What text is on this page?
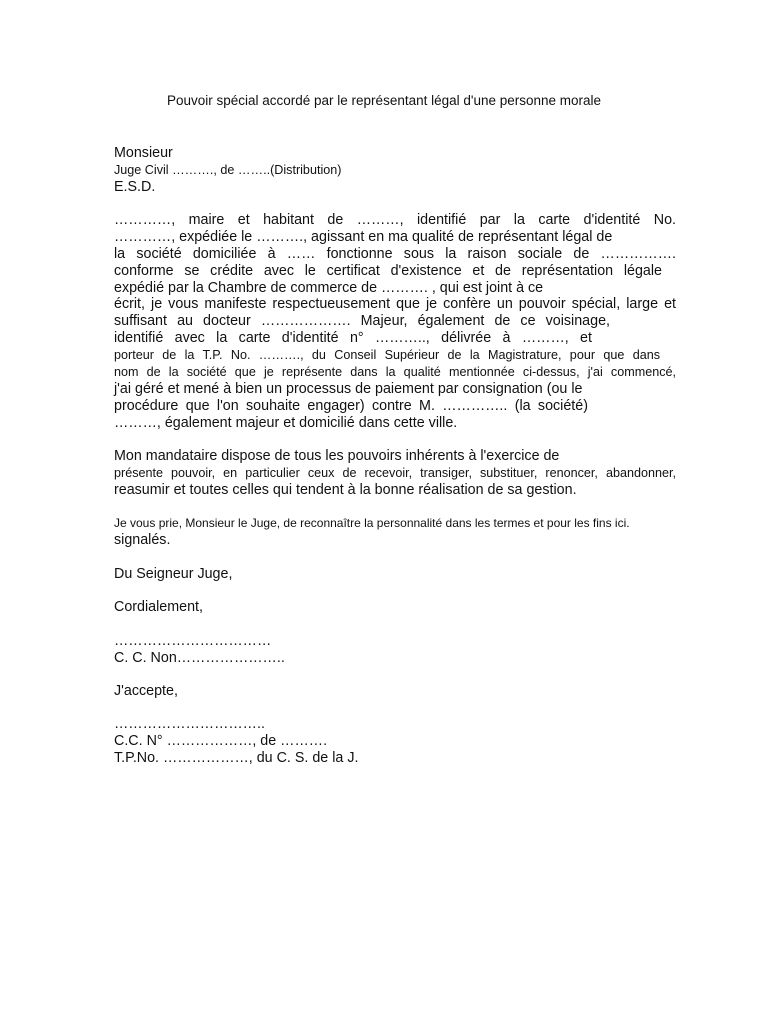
Pouvoir spécial accordé par le représentant légal d'une personne morale
Monsieur
Juge Civil ………., de ……..(Distribution)
E.S.D.
…………, maire et habitant de ………, identifié par la carte d'identité No.
…………, expédiée le ………., agissant en ma qualité de représentant légal de
la société domiciliée à …… fonctionne sous la raison sociale de …………….
conforme se crédite avec le certificat d'existence et de représentation légale
expédié par la Chambre de commerce de ………. , qui est joint à ce
écrit, je vous manifeste respectueusement que je confère un pouvoir spécial, large et
suffisant au docteur ………………. Majeur, également de ce voisinage,
identifié avec la carte d'identité n° ……….., délivrée à ………, et
porteur de la T.P. No. ………., du Conseil Supérieur de la Magistrature, pour que dans
nom de la société que je représente dans la qualité mentionnée ci-dessus, j'ai commencé,
j'ai géré et mené à bien un processus de paiement par consignation (ou le
procédure que l'on souhaite engager) contre M. ………….. (la société)
………, également majeur et domicilié dans cette ville.
Mon mandataire dispose de tous les pouvoirs inhérents à l'exercice de
présente pouvoir, en particulier ceux de recevoir, transiger, substituer, renoncer, abandonner,
reasumir et toutes celles qui tendent à la bonne réalisation de sa gestion.
Je vous prie, Monsieur le Juge, de reconnaître la personnalité dans les termes et pour les fins ici.
signalés.
Du Seigneur Juge,
Cordialement,
……………………………
C. C. Non…………………..
J'accepte,
…………………………..
C.C. N° ………………, de ……….
T.P.No. ………………, du C. S. de la J.
